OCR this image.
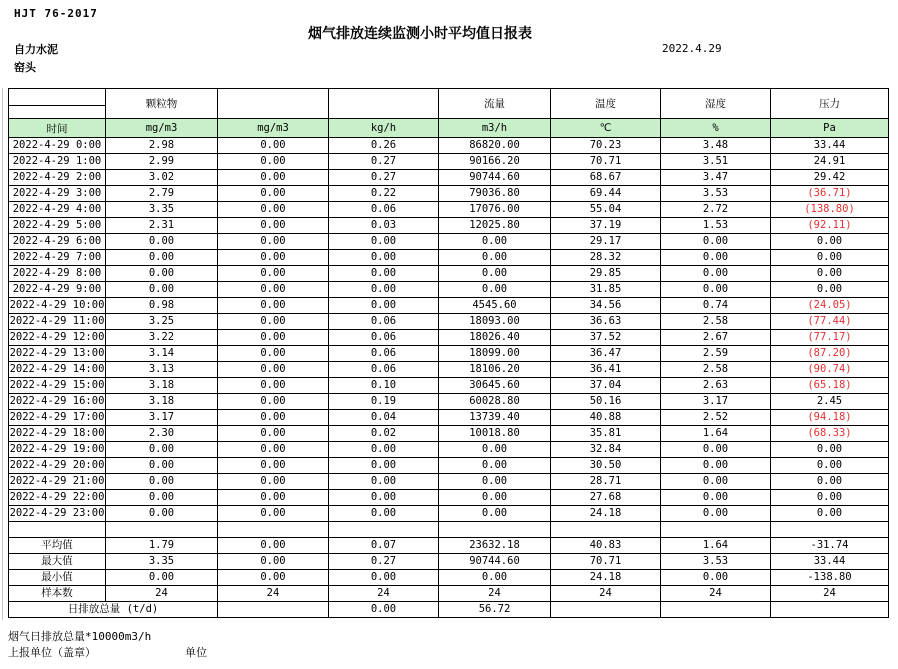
HJT 76-2017
烟气排放连续监测小时平均值日报表
自力水泥	2022.4.29
窑头
	颗粒物			流量	温度	湿度	压力

时间	mg/m3	mg/m3	kg/h	m3/h	℃	%	Pa
2022-4-29 0:00	2.98	0.00	0.26	86820.00	70.23	3.48	33.44
2022-4-29 1:00	2.99	0.00	0.27	90166.20	70.71	3.51	24.91
2022-4-29 2:00	3.02	0.00	0.27	90744.60	68.67	3.47	29.42
2022-4-29 3:00	2.79	0.00	0.22	79036.80	69.44	3.53	(36.71)
2022-4-29 4:00	3.35	0.00	0.06	17076.00	55.04	2.72	(138.80)
2022-4-29 5:00	2.31	0.00	0.03	12025.80	37.19	1.53	(92.11)
2022-4-29 6:00	0.00	0.00	0.00	0.00	29.17	0.00	0.00
2022-4-29 7:00	0.00	0.00	0.00	0.00	28.32	0.00	0.00
2022-4-29 8:00	0.00	0.00	0.00	0.00	29.85	0.00	0.00
2022-4-29 9:00	0.00	0.00	0.00	0.00	31.85	0.00	0.00
2022-4-29 10:00	0.98	0.00	0.00	4545.60	34.56	0.74	(24.05)
2022-4-29 11:00	3.25	0.00	0.06	18093.00	36.63	2.58	(77.44)
2022-4-29 12:00	3.22	0.00	0.06	18026.40	37.52	2.67	(77.17)
2022-4-29 13:00	3.14	0.00	0.06	18099.00	36.47	2.59	(87.20)
2022-4-29 14:00	3.13	0.00	0.06	18106.20	36.41	2.58	(90.74)
2022-4-29 15:00	3.18	0.00	0.10	30645.60	37.04	2.63	(65.18)
2022-4-29 16:00	3.18	0.00	0.19	60028.80	50.16	3.17	2.45
2022-4-29 17:00	3.17	0.00	0.04	13739.40	40.88	2.52	(94.18)
2022-4-29 18:00	2.30	0.00	0.02	10018.80	35.81	1.64	(68.33)
2022-4-29 19:00	0.00	0.00	0.00	0.00	32.84	0.00	0.00
2022-4-29 20:00	0.00	0.00	0.00	0.00	30.50	0.00	0.00
2022-4-29 21:00	0.00	0.00	0.00	0.00	28.71	0.00	0.00
2022-4-29 22:00	0.00	0.00	0.00	0.00	27.68	0.00	0.00
2022-4-29 23:00	0.00	0.00	0.00	0.00	24.18	0.00	0.00

平均值	1.79	0.00	0.07	23632.18	40.83	1.64	-31.74
最大值	3.35	0.00	0.27	90744.60	70.71	3.53	33.44
最小值	0.00	0.00	0.00	0.00	24.18	0.00	-138.80
样本数	24	24	24	24	24	24	24
日排放总量 (t/d)			0.00	56.72			
烟气日排放总量*10000m3/h
上报单位（盖章）	单位
